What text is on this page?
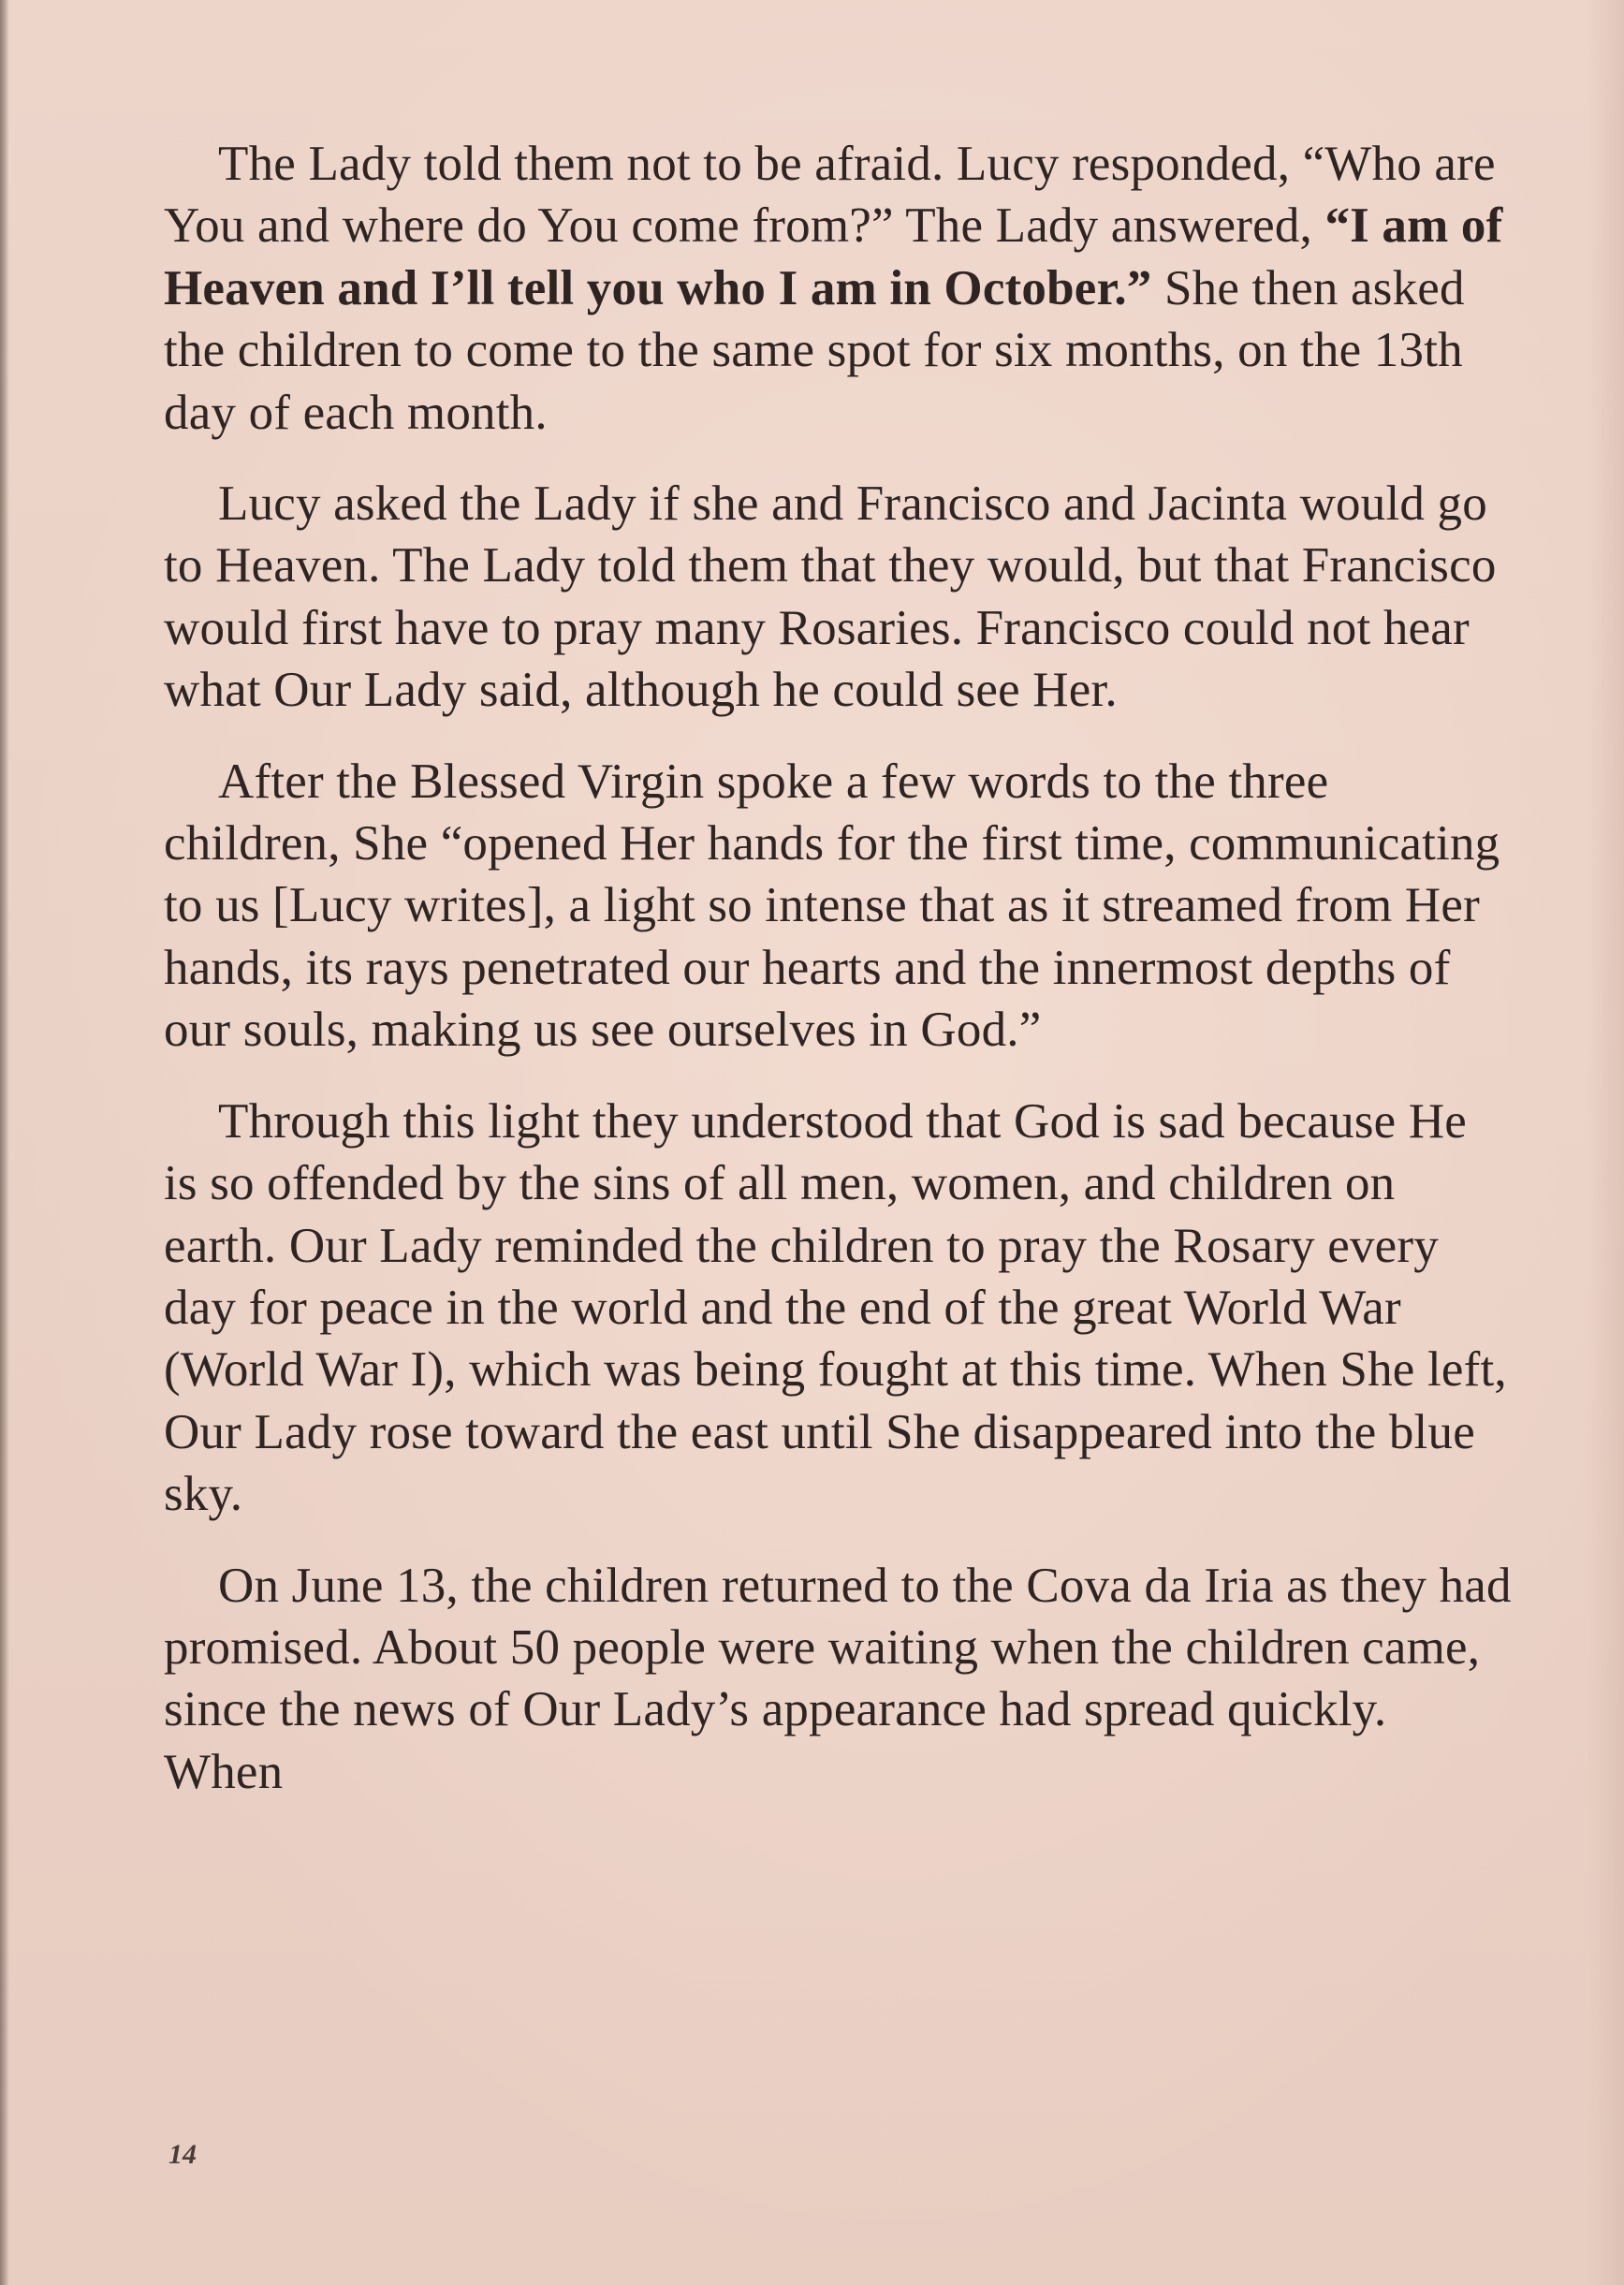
The Lady told them not to be afraid. Lucy responded, “Who are You and where do You come from?” The Lady answered, “I am of Heaven and I’ll tell you who I am in October.” She then asked the children to come to the same spot for six months, on the 13th day of each month.

Lucy asked the Lady if she and Francisco and Jacinta would go to Heaven. The Lady told them that they would, but that Francisco would first have to pray many Rosaries. Francisco could not hear what Our Lady said, although he could see Her.

After the Blessed Virgin spoke a few words to the three children, She “opened Her hands for the first time, communicating to us [Lucy writes], a light so intense that as it streamed from Her hands, its rays penetrated our hearts and the innermost depths of our souls, making us see ourselves in God.”

Through this light they understood that God is sad because He is so offended by the sins of all men, women, and children on earth. Our Lady reminded the children to pray the Rosary every day for peace in the world and the end of the great World War (World War I), which was being fought at this time. When She left, Our Lady rose toward the east until She disappeared into the blue sky.

On June 13, the children returned to the Cova da Iria as they had promised. About 50 people were waiting when the children came, since the news of Our Lady’s appearance had spread quickly. When

14
